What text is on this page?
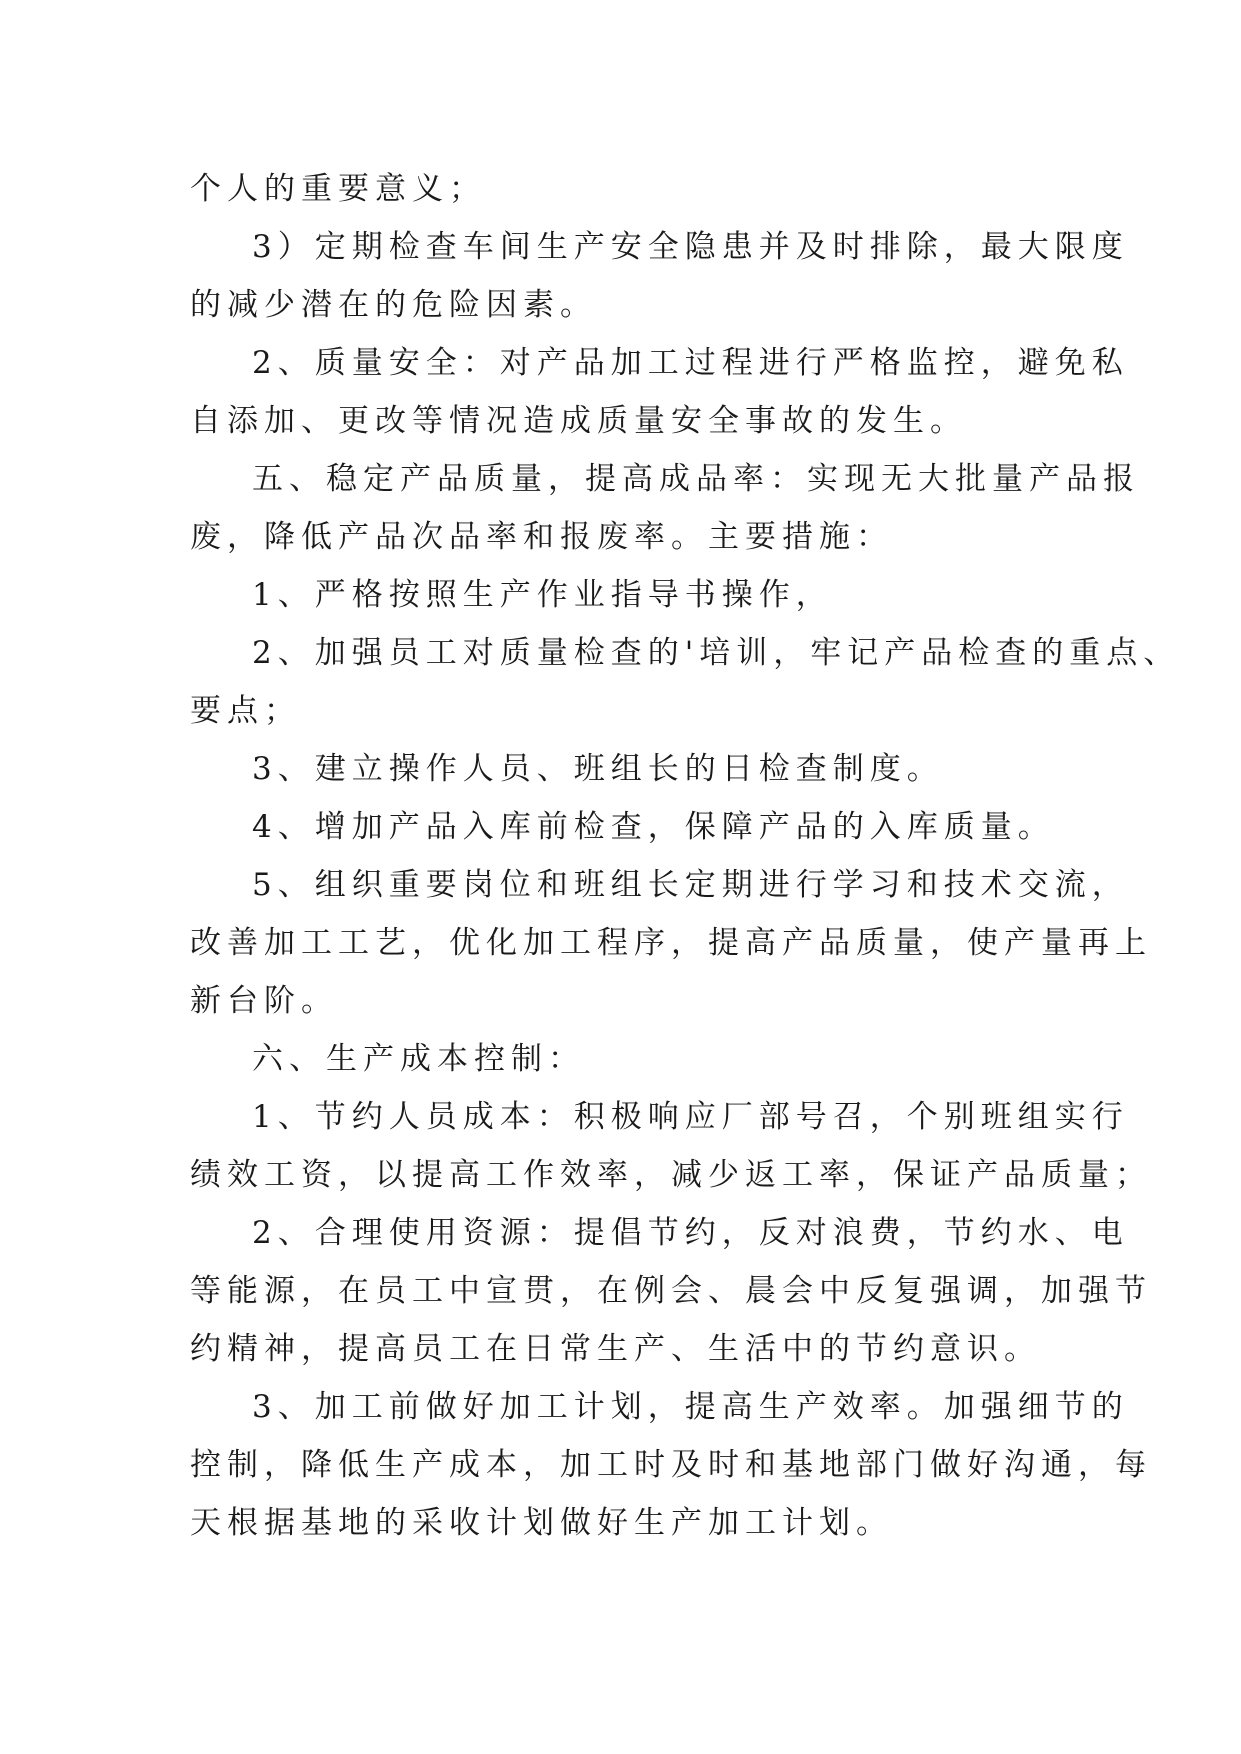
个人的重要意义；

3）定期检查车间生产安全隐患并及时排除，最大限度

的减少潜在的危险因素。

2、质量安全：对产品加工过程进行严格监控，避免私

自添加、更改等情况造成质量安全事故的发生。

五、稳定产品质量，提高成品率：实现无大批量产品报

废，降低产品次品率和报废率。主要措施：

1、严格按照生产作业指导书操作，

2、加强员工对质量检查的'培训，牢记产品检查的重点、

要点；

3、建立操作人员、班组长的日检查制度。

4、增加产品入库前检查，保障产品的入库质量。

5、组织重要岗位和班组长定期进行学习和技术交流，

改善加工工艺，优化加工程序，提高产品质量，使产量再上

新台阶。

六、生产成本控制：

1、节约人员成本：积极响应厂部号召，个别班组实行

绩效工资，以提高工作效率，减少返工率，保证产品质量；

2、合理使用资源：提倡节约，反对浪费，节约水、电

等能源，在员工中宣贯，在例会、晨会中反复强调，加强节

约精神，提高员工在日常生产、生活中的节约意识。

3、加工前做好加工计划，提高生产效率。加强细节的

控制，降低生产成本，加工时及时和基地部门做好沟通，每

天根据基地的采收计划做好生产加工计划。
